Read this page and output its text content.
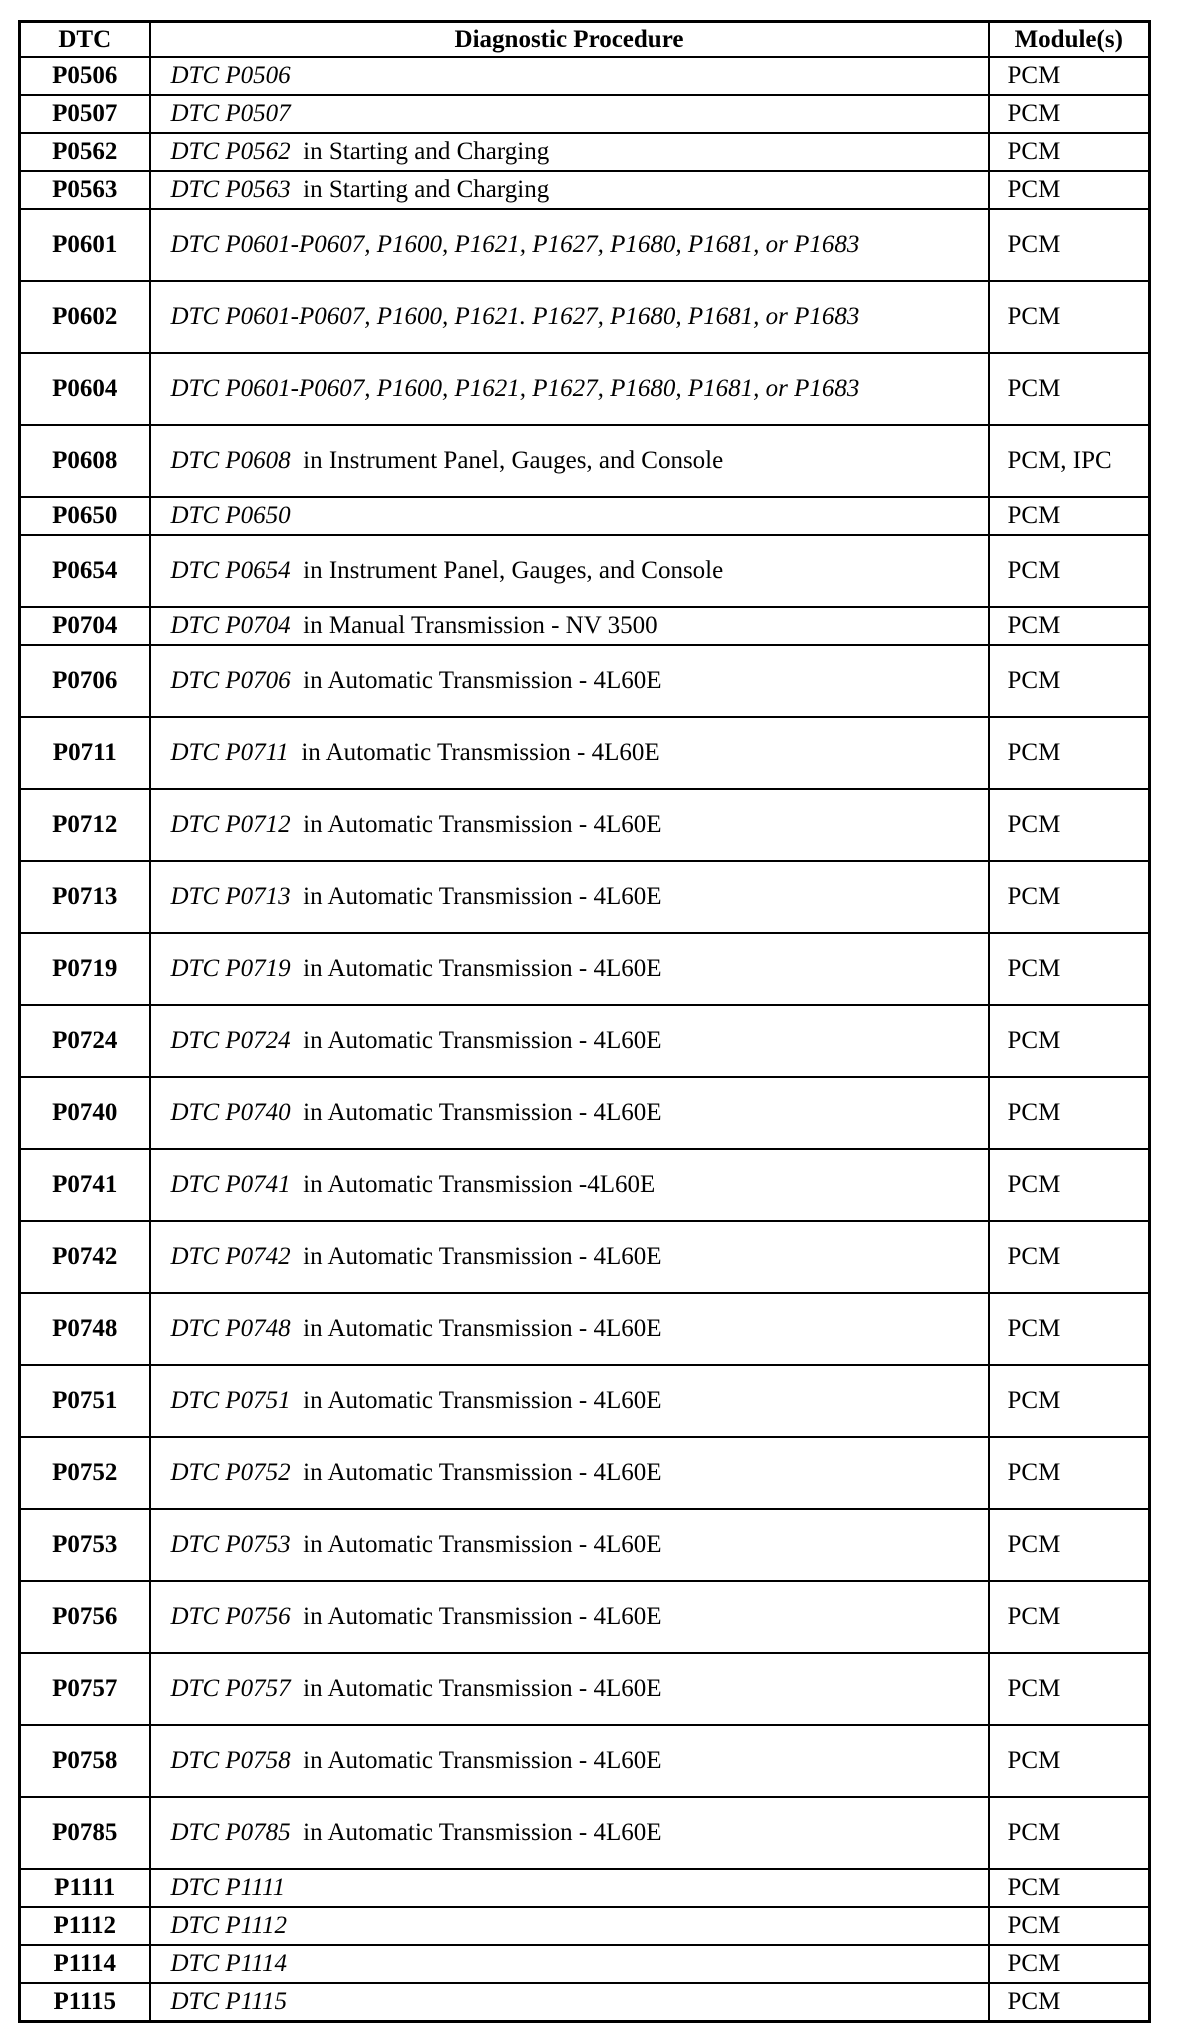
DTC	Diagnostic Procedure	Module(s)
P0506	DTC P0506	PCM
P0507	DTC P0507	PCM
P0562	DTC P0562 in Starting and Charging	PCM
P0563	DTC P0563 in Starting and Charging	PCM
P0601	DTC P0601-P0607, P1600, P1621, P1627, P1680, P1681, or P1683	PCM
P0602	DTC P0601-P0607, P1600, P1621. P1627, P1680, P1681, or P1683	PCM
P0604	DTC P0601-P0607, P1600, P1621, P1627, P1680, P1681, or P1683	PCM
P0608	DTC P0608 in Instrument Panel, Gauges, and Console	PCM, IPC
P0650	DTC P0650	PCM
P0654	DTC P0654 in Instrument Panel, Gauges, and Console	PCM
P0704	DTC P0704 in Manual Transmission - NV 3500	PCM
P0706	DTC P0706 in Automatic Transmission - 4L60E	PCM
P0711	DTC P0711 in Automatic Transmission - 4L60E	PCM
P0712	DTC P0712 in Automatic Transmission - 4L60E	PCM
P0713	DTC P0713 in Automatic Transmission - 4L60E	PCM
P0719	DTC P0719 in Automatic Transmission - 4L60E	PCM
P0724	DTC P0724 in Automatic Transmission - 4L60E	PCM
P0740	DTC P0740 in Automatic Transmission - 4L60E	PCM
P0741	DTC P0741 in Automatic Transmission -4L60E	PCM
P0742	DTC P0742 in Automatic Transmission - 4L60E	PCM
P0748	DTC P0748 in Automatic Transmission - 4L60E	PCM
P0751	DTC P0751 in Automatic Transmission - 4L60E	PCM
P0752	DTC P0752 in Automatic Transmission - 4L60E	PCM
P0753	DTC P0753 in Automatic Transmission - 4L60E	PCM
P0756	DTC P0756 in Automatic Transmission - 4L60E	PCM
P0757	DTC P0757 in Automatic Transmission - 4L60E	PCM
P0758	DTC P0758 in Automatic Transmission - 4L60E	PCM
P0785	DTC P0785 in Automatic Transmission - 4L60E	PCM
P1111	DTC P1111	PCM
P1112	DTC P1112	PCM
P1114	DTC P1114	PCM
P1115	DTC P1115	PCM
